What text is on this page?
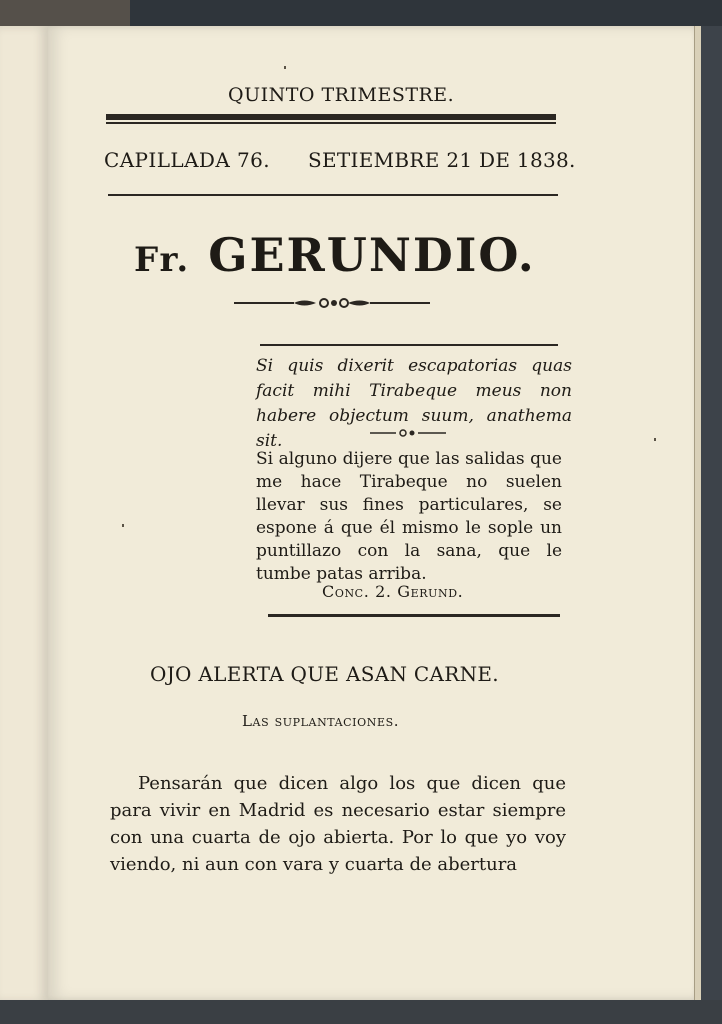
QUINTO TRIMESTRE.
CAPILLADA 76. SETIEMBRE 21 DE 1838.
Fr. GERUNDIO.
Si quis dixerit escapatorias quas facit mihi Tirabeque meus non habere objectum suum, anathema sit.
Si alguno dijere que las salidas que me hace Tirabeque no suelen llevar sus fines particulares, se espone á que él mismo le sople un puntillazo con la sana, que le tumbe patas arriba.
Conc. 2. Gerund.
OJO ALERTA QUE ASAN CARNE.
Las suplantaciones.
Pensarán que dicen algo los que dicen que para vivir en Madrid es necesario estar siempre con una cuarta de ojo abierta. Por lo que yo voy viendo, ni aun con vara y cuarta de abertura
